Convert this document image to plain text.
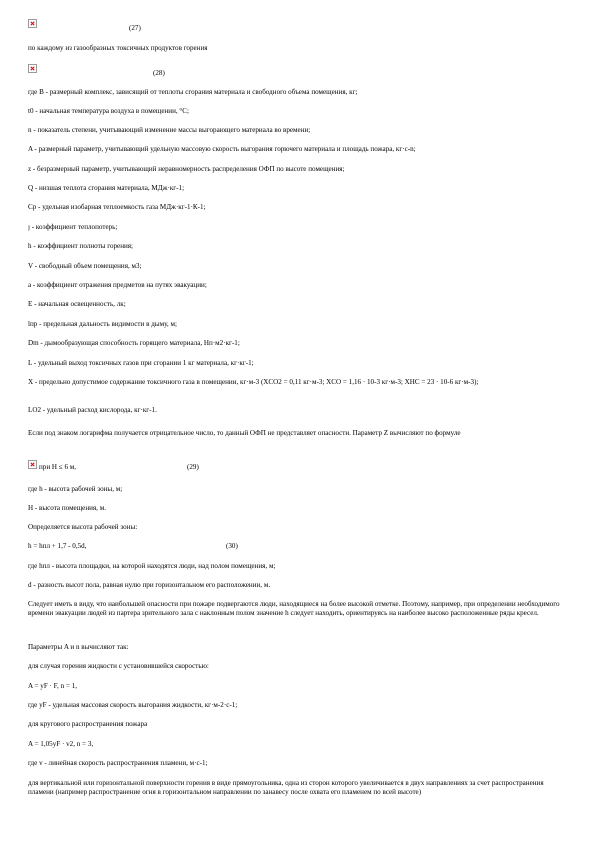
(27)
по каждому из газообразных токсичных продуктов горения
(28)
где B - размерный комплекс, зависящий от теплоты сгорания материала и свободного объема помещения, кг;
t0 - начальная температура воздуха в помещении, °С;
n - показатель степени, учитывающий изменение массы выгорающего материала во времени;
A - размерный параметр, учитывающий удельную массовую скорость выгорания горючего материала и площадь пожара, кг·с-n;
z - безразмерный параметр, учитывающий неравномерность распределения ОФП по высоте помещения;
Q - низшая теплота сгорания материала, МДж·кг-1;
Cp - удельная изобарная теплоемкость газа МДж·кг-1·К-1;
ȷ - коэффициент теплопотерь;
h - коэффициент полноты горения;
V - свободный объем помещения, м3;
a - коэффициент отражения предметов на путях эвакуации;
E - начальная освещенность, лк;
lпр - предельная дальность видимости в дыму, м;
Dm - дымообразующая способность горящего материала, Нп·м2·кг-1;
L - удельный выход токсичных газов при сгорании 1 кг материала, кг·кг-1;
X - предельно допустимое содержание токсичного газа в помещении, кг·м-3 (XCO2 = 0,11 кг·м-3; XCO = 1,16 · 10-3 кг·м-3; XHC = 23 · 10-6 кг·м-3);
LO2 - удельный расход кислорода, кг·кг-1.
Если под знаком логарифма получается отрицательное число, то данный ОФП не представляет опасности. Параметр Z вычисляют по формуле
при H ≤ 6 м,	(29)
где h - высота рабочей зоны, м;
H - высота помещения, м.
Определяется высота рабочей зоны:
h = hпл + 1,7 - 0,5d,	(30)
где hпл - высота площадки, на которой находятся люди, над полом помещения, м;
d - разность высот пола, равная нулю при горизонтальном его расположении, м.
Следует иметь в виду, что наибольшей опасности при пожаре подвергаются люди, находящиеся на более высокой отметке. Поэтому, например, при определении необходимого времени эвакуации людей из партера зрительного зала с наклонным полом значение h следует находить, ориентируясь на наиболее высоко расположенные ряды кресел.
Параметры A и n вычисляют так:
для случая горения жидкости с установившейся скоростью:
A = yF · F, n = 1,
где yF - удельная массовая скорость выгорания жидкости, кг·м-2·с-1;
для кругового распространения пожара
A = 1,05yF · v2, n = 3,
где v - линейная скорость распространения пламени, м·с-1;
для вертикальной или горизонтальной поверхности горения в виде прямоугольника, одна из сторон которого увеличивается в двух направлениях за счет распространения пламени (например распространение огня в горизонтальном направлении по занавесу после охвата его пламенем по всей высоте)
